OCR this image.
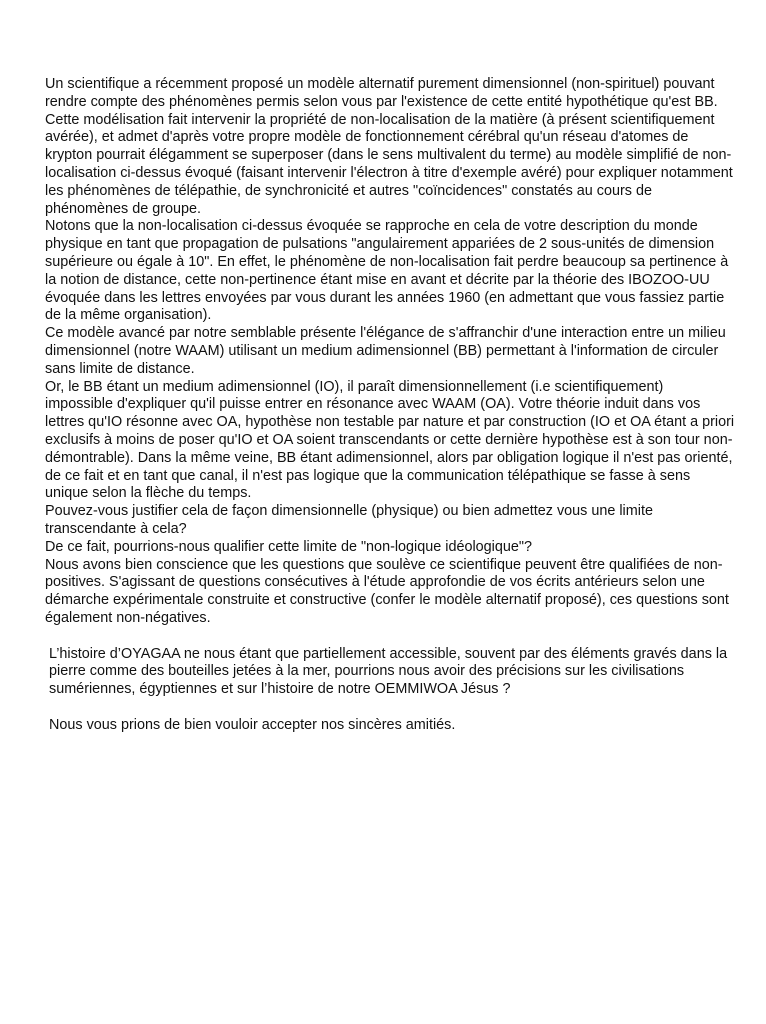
Un scientifique a récemment proposé un modèle alternatif purement dimensionnel (non-spirituel) pouvant rendre compte des phénomènes permis selon vous par l'existence de cette entité hypothétique qu'est BB. Cette modélisation fait intervenir la propriété de non-localisation de la matière (à présent scientifiquement avérée), et admet d'après votre propre modèle de fonctionnement cérébral qu'un réseau d'atomes de krypton pourrait élégamment se superposer (dans le sens multivalent du terme) au modèle simplifié de non-localisation ci-dessus évoqué (faisant intervenir l'électron à titre d'exemple avéré) pour expliquer notamment les phénomènes de télépathie, de synchronicité et autres "coïncidences" constatés au cours de phénomènes de groupe.

Notons que la non-localisation ci-dessus évoquée se rapproche en cela de votre description du monde physique en tant que propagation de pulsations "angulairement appariées de 2 sous-unités de dimension supérieure ou égale à 10". En effet, le phénomène de non-localisation fait perdre beaucoup sa pertinence à la notion de distance, cette non-pertinence étant mise en avant et décrite par la théorie des IBOZOO-UU évoquée dans les lettres envoyées par vous durant les années 1960 (en admettant que vous fassiez partie de la même organisation).

Ce modèle avancé par notre semblable présente l'élégance de s'affranchir d'une interaction entre un milieu dimensionnel (notre WAAM) utilisant un medium adimensionnel (BB) permettant à l'information de circuler sans limite de distance.

Or, le BB étant un medium adimensionnel (IO), il paraît dimensionnellement (i.e scientifiquement) impossible d'expliquer qu'il puisse entrer en résonance avec WAAM (OA). Votre théorie induit dans vos lettres qu'IO résonne avec OA, hypothèse non testable par nature et par construction (IO et OA étant a priori exclusifs à moins de poser qu'IO et OA soient transcendants or cette dernière hypothèse est à son tour non-démontrable). Dans la même veine, BB étant adimensionnel, alors par obligation logique il n'est pas orienté, de ce fait et en tant que canal, il n'est pas logique que la communication télépathique se fasse à sens unique selon la flèche du temps.

Pouvez-vous justifier cela de façon dimensionnelle (physique) ou bien admettez vous une limite transcendante à cela?

De ce fait, pourrions-nous qualifier cette limite de "non-logique idéologique"?

Nous avons bien conscience que les questions que soulève ce scientifique peuvent être qualifiées de non-positives. S'agissant de questions consécutives à l'étude approfondie de vos écrits antérieurs selon une démarche expérimentale construite et constructive (confer le modèle alternatif proposé), ces questions sont également non-négatives.

L’histoire d’OYAGAA ne nous étant que partiellement accessible, souvent par des éléments gravés dans la pierre comme des bouteilles jetées à la mer, pourrions nous avoir des précisions sur les civilisations sumériennes, égyptiennes et sur l’histoire de notre OEMMIWOA Jésus ?

Nous vous prions de bien vouloir accepter nos sincères amitiés.
